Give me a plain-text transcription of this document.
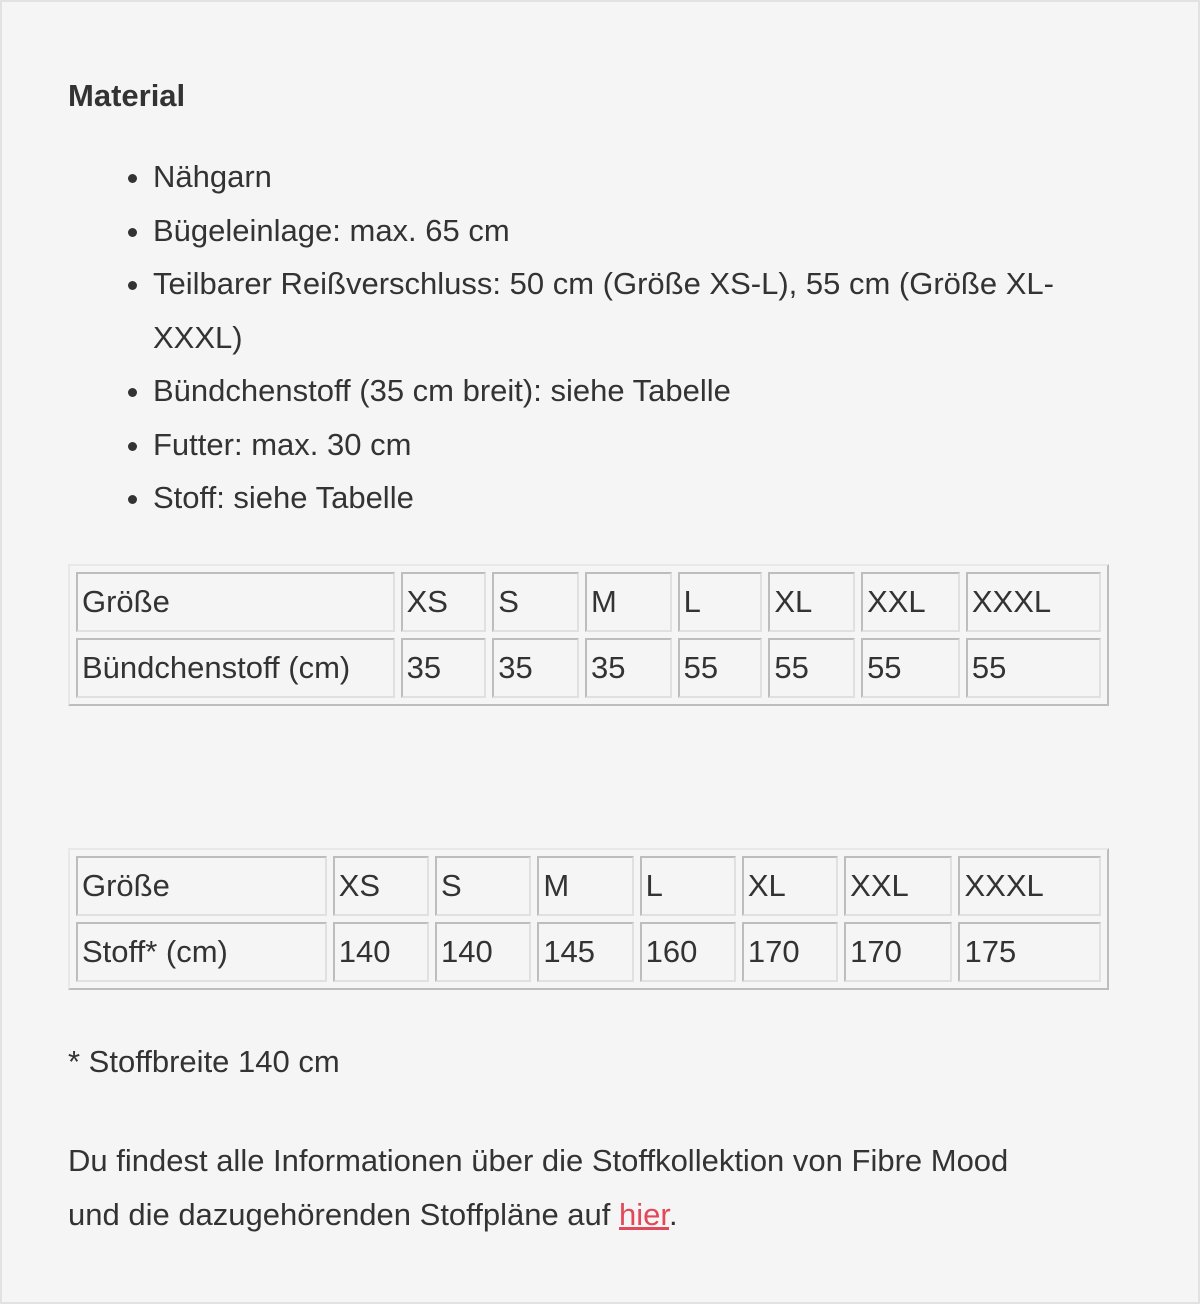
Material
• Nähgarn
• Bügeleinlage: max. 65 cm
• Teilbarer Reißverschluss: 50 cm (Größe XS-L), 55 cm (Größe XL-XXXL)
• Bündchenstoff (35 cm breit): siehe Tabelle
• Futter: max. 30 cm
• Stoff: siehe Tabelle
Größe	XS	S	M	L	XL	XXL	XXXL
Bündchenstoff (cm)	35	35	35	55	55	55	55
Größe	XS	S	M	L	XL	XXL	XXXL
Stoff* (cm)	140	140	145	160	170	170	175

* Stoffbreite 140 cm

Du findest alle Informationen über die Stoffkollektion von Fibre Mood und die dazugehörenden Stoffpläne auf hier.
